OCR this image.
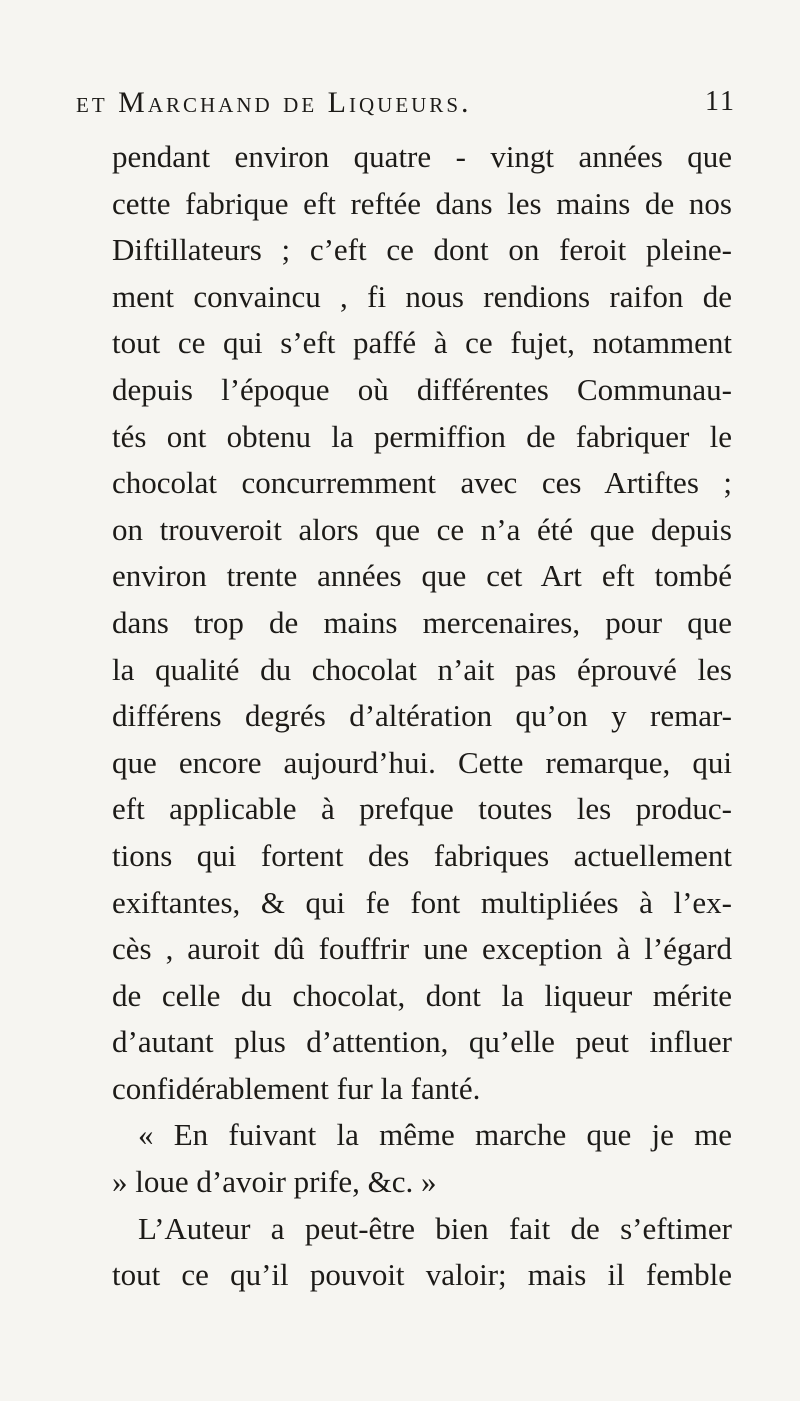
et Marchand de Liqueurs.	11
pendant environ quatre - vingt années que
cette fabrique eft reftée dans les mains de nos
Diftillateurs ; c’eft ce dont on feroit pleine-
ment convaincu , fi nous rendions raifon de
tout ce qui s’eft paffé à ce fujet, notamment
depuis l’époque où différentes Communau-
tés ont obtenu la permiffion de fabriquer le
chocolat concurremment avec ces Artiftes ;
on trouveroit alors que ce n’a été que depuis
environ trente années que cet Art eft tombé
dans trop de mains mercenaires, pour que
la qualité du chocolat n’ait pas éprouvé les
différens degrés d’altération qu’on y remar-
que encore aujourd’hui. Cette remarque, qui
eft applicable à prefque toutes les produc-
tions qui fortent des fabriques actuellement
exiftantes, & qui fe font multipliées à l’ex-
cès , auroit dû fouffrir une exception à l’égard
de celle du chocolat, dont la liqueur mérite
d’autant plus d’attention, qu’elle peut influer
confidérablement fur la fanté.
« En fuivant la même marche que je me
» loue d’avoir prife, &c. »
L’Auteur a peut-être bien fait de s’eftimer
tout ce qu’il pouvoit valoir; mais il femble
